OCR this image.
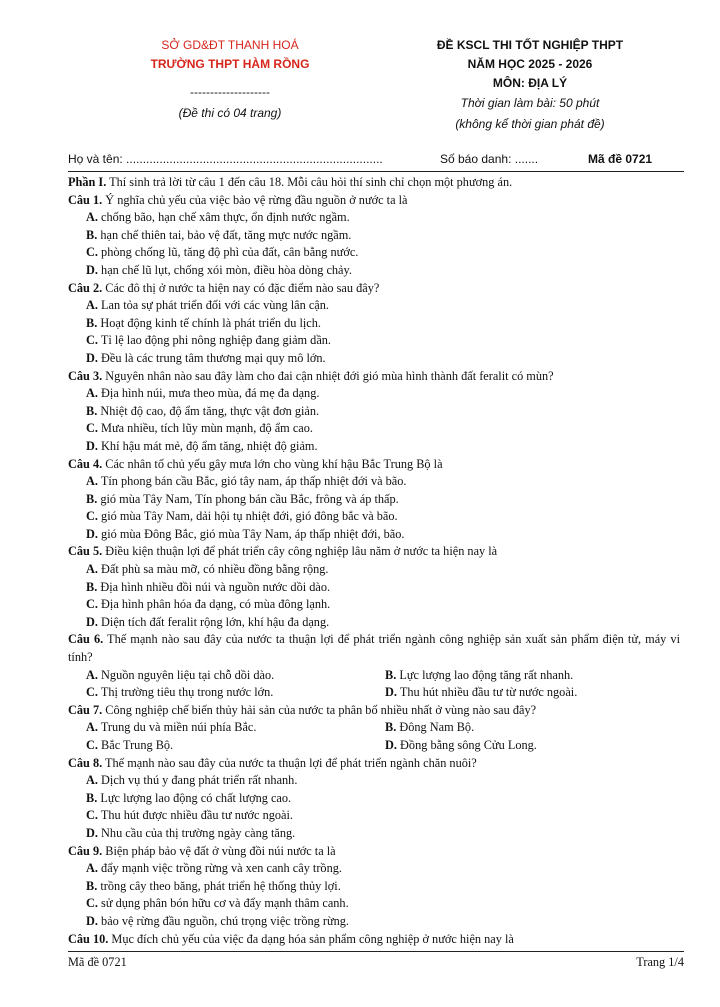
SỞ GD&ĐT THANH HOÁ
TRƯỜNG THPT HÀM RỒNG
--------------------
(Đề thi có 04 trang)
ĐỀ KSCL THI TỐT NGHIỆP THPT
NĂM HỌC 2025 - 2026
MÔN: ĐỊA LÝ
Thời gian làm bài: 50 phút
(không kể thời gian phát đề)
Họ và tên: .............................................................................	Số báo danh: .......	Mã đề 0721
Phần I. Thí sinh trả lời từ câu 1 đến câu 18. Mỗi câu hỏi thí sinh chỉ chọn một phương án.
Câu 1. Ý nghĩa chủ yếu của việc bảo vệ rừng đầu nguồn ở nước ta là
A. chống bão, hạn chế xâm thực, ổn định nước ngầm.
B. hạn chế thiên tai, bảo vệ đất, tăng mực nước ngầm.
C. phòng chống lũ, tăng độ phì của đất, cân bằng nước.
D. hạn chế lũ lụt, chống xói mòn, điều hòa dòng chảy.
Câu 2. Các đô thị ở nước ta hiện nay có đặc điểm nào sau đây?
A. Lan tỏa sự phát triển đối với các vùng lân cận.
B. Hoạt động kinh tế chính là phát triển du lịch.
C. Tỉ lệ lao động phi nông nghiệp đang giảm dần.
D. Đều là các trung tâm thương mại quy mô lớn.
Câu 3. Nguyên nhân nào sau đây làm cho đai cận nhiệt đới gió mùa hình thành đất feralit có mùn?
A. Địa hình núi, mưa theo mùa, đá mẹ đa dạng.
B. Nhiệt độ cao, độ ẩm tăng, thực vật đơn giản.
C. Mưa nhiều, tích lũy mùn mạnh, độ ẩm cao.
D. Khí hậu mát mẻ, độ ẩm tăng, nhiệt độ giảm.
Câu 4. Các nhân tố chủ yếu gây mưa lớn cho vùng khí hậu Bắc Trung Bộ là
A. Tín phong bán cầu Bắc, gió tây nam, áp thấp nhiệt đới và bão.
B. gió mùa Tây Nam, Tín phong bán cầu Bắc, frông và áp thấp.
C. gió mùa Tây Nam, dải hội tụ nhiệt đới, gió đông bắc và bão.
D. gió mùa Đông Bắc, gió mùa Tây Nam, áp thấp nhiệt đới, bão.
Câu 5. Điều kiện thuận lợi để phát triển cây công nghiệp lâu năm ở nước ta hiện nay là
A. Đất phù sa màu mỡ, có nhiều đồng bằng rộng.
B. Địa hình nhiều đồi núi và nguồn nước dồi dào.
C. Địa hình phân hóa đa dạng, có mùa đông lạnh.
D. Diện tích đất feralit rộng lớn, khí hậu đa dạng.
Câu 6. Thế mạnh nào sau đây của nước ta thuận lợi để phát triển ngành công nghiệp sản xuất sản phẩm điện tử, máy vi tính?
A. Nguồn nguyên liệu tại chỗ dồi dào.	B. Lực lượng lao động tăng rất nhanh.
C. Thị trường tiêu thụ trong nước lớn.	D. Thu hút nhiều đầu tư từ nước ngoài.
Câu 7. Công nghiệp chế biến thủy hải sản của nước ta phân bố nhiều nhất ở vùng nào sau đây?
A. Trung du và miền núi phía Bắc.	B. Đông Nam Bộ.
C. Bắc Trung Bộ.	D. Đồng bằng sông Cửu Long.
Câu 8. Thế mạnh nào sau đây của nước ta thuận lợi để phát triển ngành chăn nuôi?
A. Dịch vụ thú y đang phát triển rất nhanh.
B. Lực lượng lao động có chất lượng cao.
C. Thu hút được nhiều đầu tư nước ngoài.
D. Nhu cầu của thị trường ngày càng tăng.
Câu 9. Biện pháp bảo vệ đất ở vùng đồi núi nước ta là
A. đẩy mạnh việc trồng rừng và xen canh cây trồng.
B. trồng cây theo băng, phát triển hệ thống thủy lợi.
C. sử dụng phân bón hữu cơ và đẩy mạnh thâm canh.
D. bảo vệ rừng đầu nguồn, chú trọng việc trồng rừng.
Câu 10. Mục đích chủ yếu của việc đa dạng hóa sản phẩm công nghiệp ở nước hiện nay là
Mã đề 0721	Trang 1/4
